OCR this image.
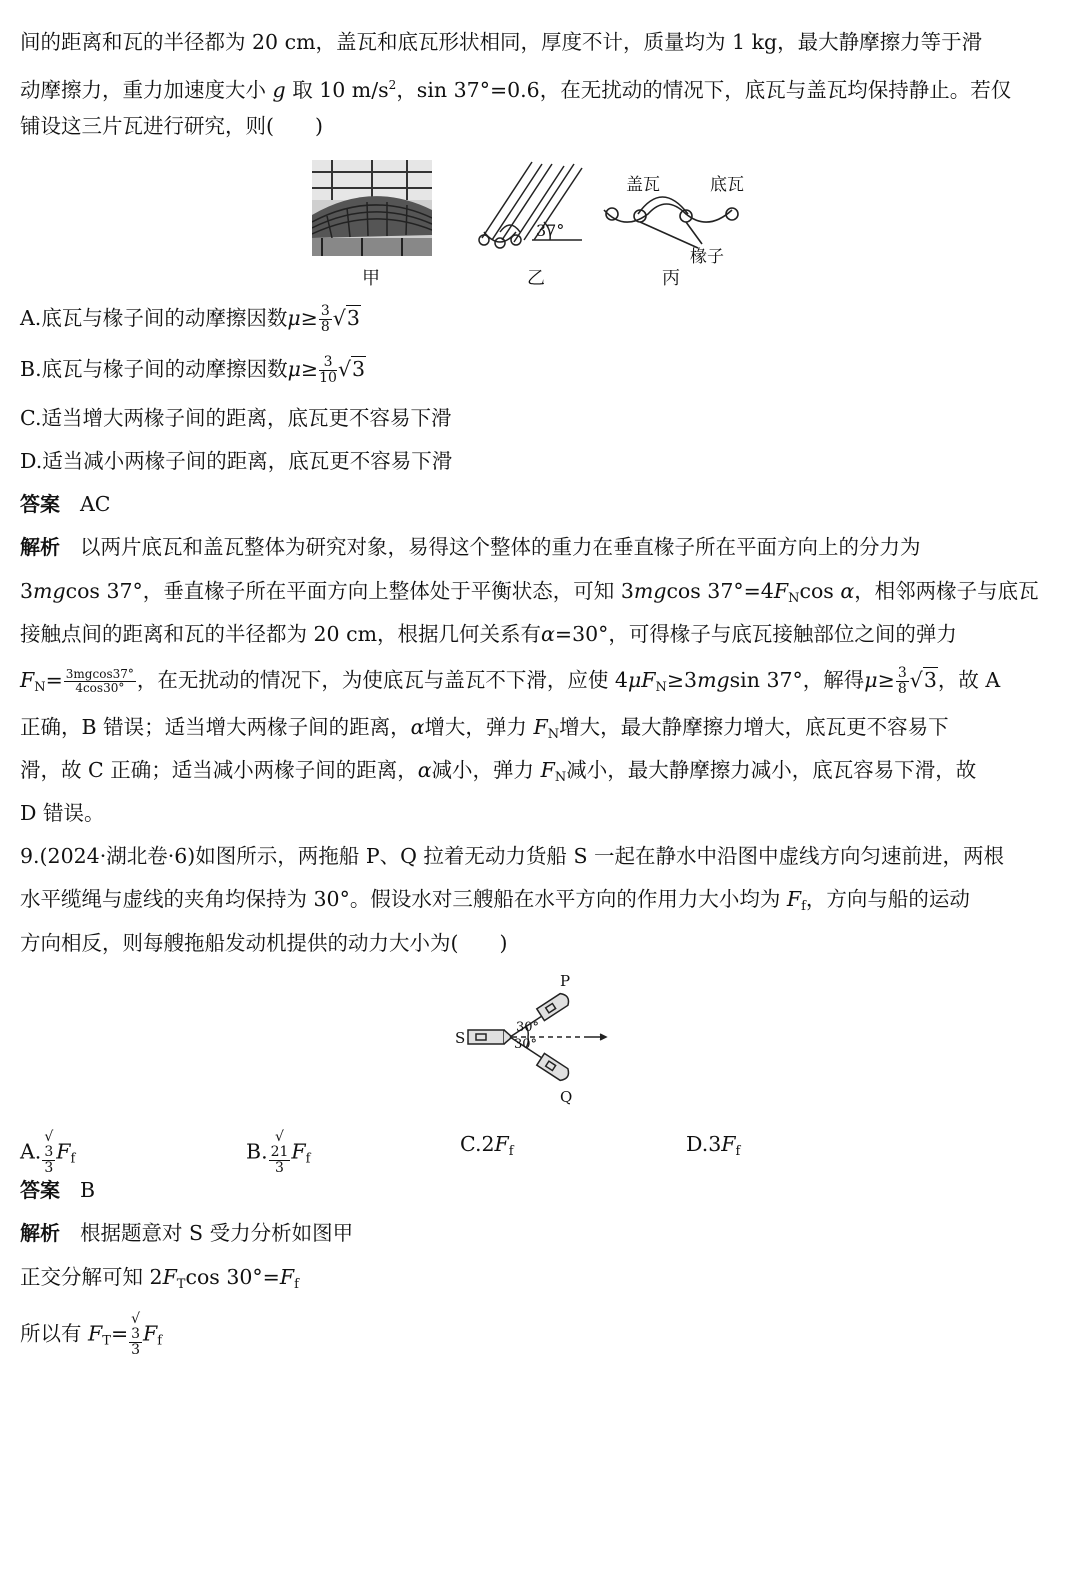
间的距离和瓦的半径都为 20 cm，盖瓦和底瓦形状相同，厚度不计，质量均为 1 kg，最大静摩擦力等于滑
动摩擦力，重力加速度大小 g 取 10 $m/s^2$，sin 37°=0.6，在无扰动的情况下，底瓦与盖瓦均保持静止。若仅
铺设这三片瓦进行研究，则(　　)
甲
37°
乙
盖瓦	底瓦
椽子
丙
A.底瓦与椽子间的动摩擦因数$\mu\ge \frac{3}{8} √3$
B.底瓦与椽子间的动摩擦因数$\mu\ge \frac{3}{10} √3$
C.适当增大两椽子间的距离，底瓦更不容易下滑
D.适当减小两椽子间的距离，底瓦更不容易下滑
答案 AC
解析 以两片底瓦和盖瓦整体为研究对象，易得这个整体的重力在垂直椽子所在平面方向上的分力为
3mgcos 37°，垂直椽子所在平面方向上整体处于平衡状态，可知 3mgcos $37^\circ=4F_N\cos$ α，相邻两椽子与底瓦
接触点间的距离和瓦的半径都为 20 cm，根据几何关系有α=30°，可得椽子与底瓦接触部位之间的弹力
$F_N= \frac{3mgcos37^\circ}{4\cos 30^\circ}$ ，在无扰动的情况下，为使底瓦与盖瓦不下滑，应使 $4\mu F_N\ge 3mgsin$ 37°，解得$\mu\ge \frac{3}{8} √3$，故 A
正确，B 错误；适当增大两椽子间的距离，α增大，弹力 $F_N$增大，最大静摩擦力增大，底瓦更不容易下
滑，故 C 正确；适当减小两椽子间的距离，α减小，弹力 $F_N$减小，最大静摩擦力减小，底瓦容易下滑，故
D 错误。
9.(2024·湖北卷·6)如图所示，两拖船 P、Q 拉着无动力货船 S 一起在静水中沿图中虚线方向匀速前进，两根
水平缆绳与虚线的夹角均保持为 30°。假设水对三艘船在水平方向的作用力大小均为 $F_f$，方向与船的运动
方向相反，则每艘拖船发动机提供的动力大小为(　　)
P
Q
S
30°
30°
A. √
3
3 $F_f$	B. √
21
3 $F_f$
$C.2F_f$	$D.3F_f$
答案 B
解析 根据题意对 S 受力分析如图甲
正交分解可知 $2F_T\cos$ $30^\circ=F_f$
所以有 $F_T=$ √
3
3 $F_f$
